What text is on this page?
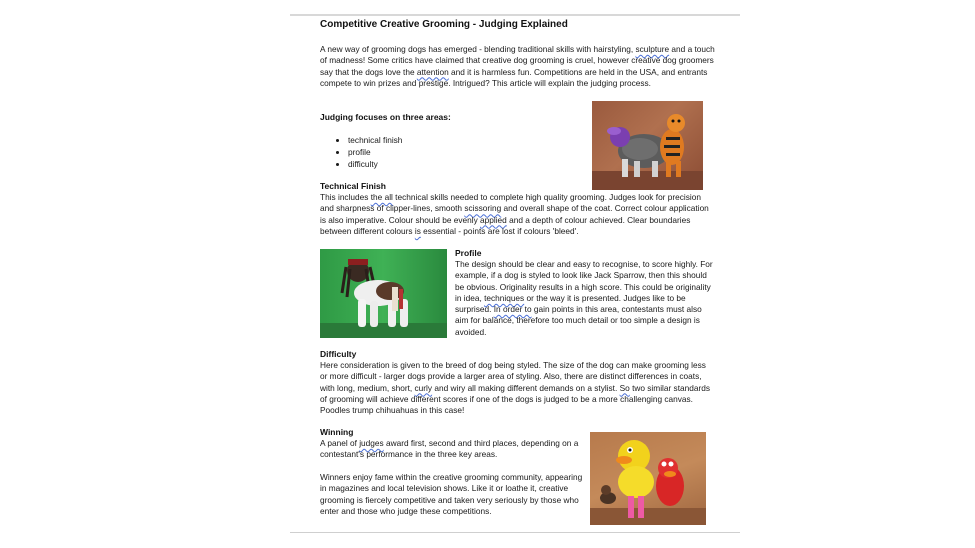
Competitive Creative Grooming - Judging Explained
A new way of grooming dogs has emerged - blending traditional skills with hairstyling, sculpture and a touch of madness! Some critics have claimed that creative dog grooming is cruel, however creative dog groomers say that the dogs love the attention and it is harmless fun. Competitions are held in the USA, and entrants compete to win prizes and prestige. Intrigued? This article will explain the judging process.
Judging focuses on three areas:
• technical finish
• profile
• difficulty
Technical Finish
This includes the all technical skills needed to complete high quality grooming. Judges look for precision and sharpness of clipper-lines, smooth scissoring and overall shape of the coat. Correct colour application is also imperative. Colour should be evenly applied and a depth of colour achieved. Clear boundaries between different colours is essential - points are lost if colours 'bleed'.
Profile
The design should be clear and easy to recognise, to score highly. For example, if a dog is styled to look like Jack Sparrow, then this should be obvious. Originality results in a high score. This could be originality in idea, techniques or the way it is presented. Judges like to be surprised. In order to gain points in this area, contestants must also aim for balance, therefore too much detail or too simple a design is avoided.
Difficulty
Here consideration is given to the breed of dog being styled. The size of the dog can make grooming less or more difficult - larger dogs provide a larger area of styling. Also, there are distinct differences in coats, with long, medium, short, curly and wiry all making different demands on a stylist. So two similar standards of grooming will achieve different scores if one of the dogs is judged to be a more challenging canvas. Poodles trump chihuahuas in this case!
Winning
A panel of judges award first, second and third places, depending on a contestant's performance in the three key areas.
Winners enjoy fame within the creative grooming community, appearing in magazines and local television shows. Like it or loathe it, creative grooming is fiercely competitive and taken very seriously by those who enter and those who judge these competitions.
